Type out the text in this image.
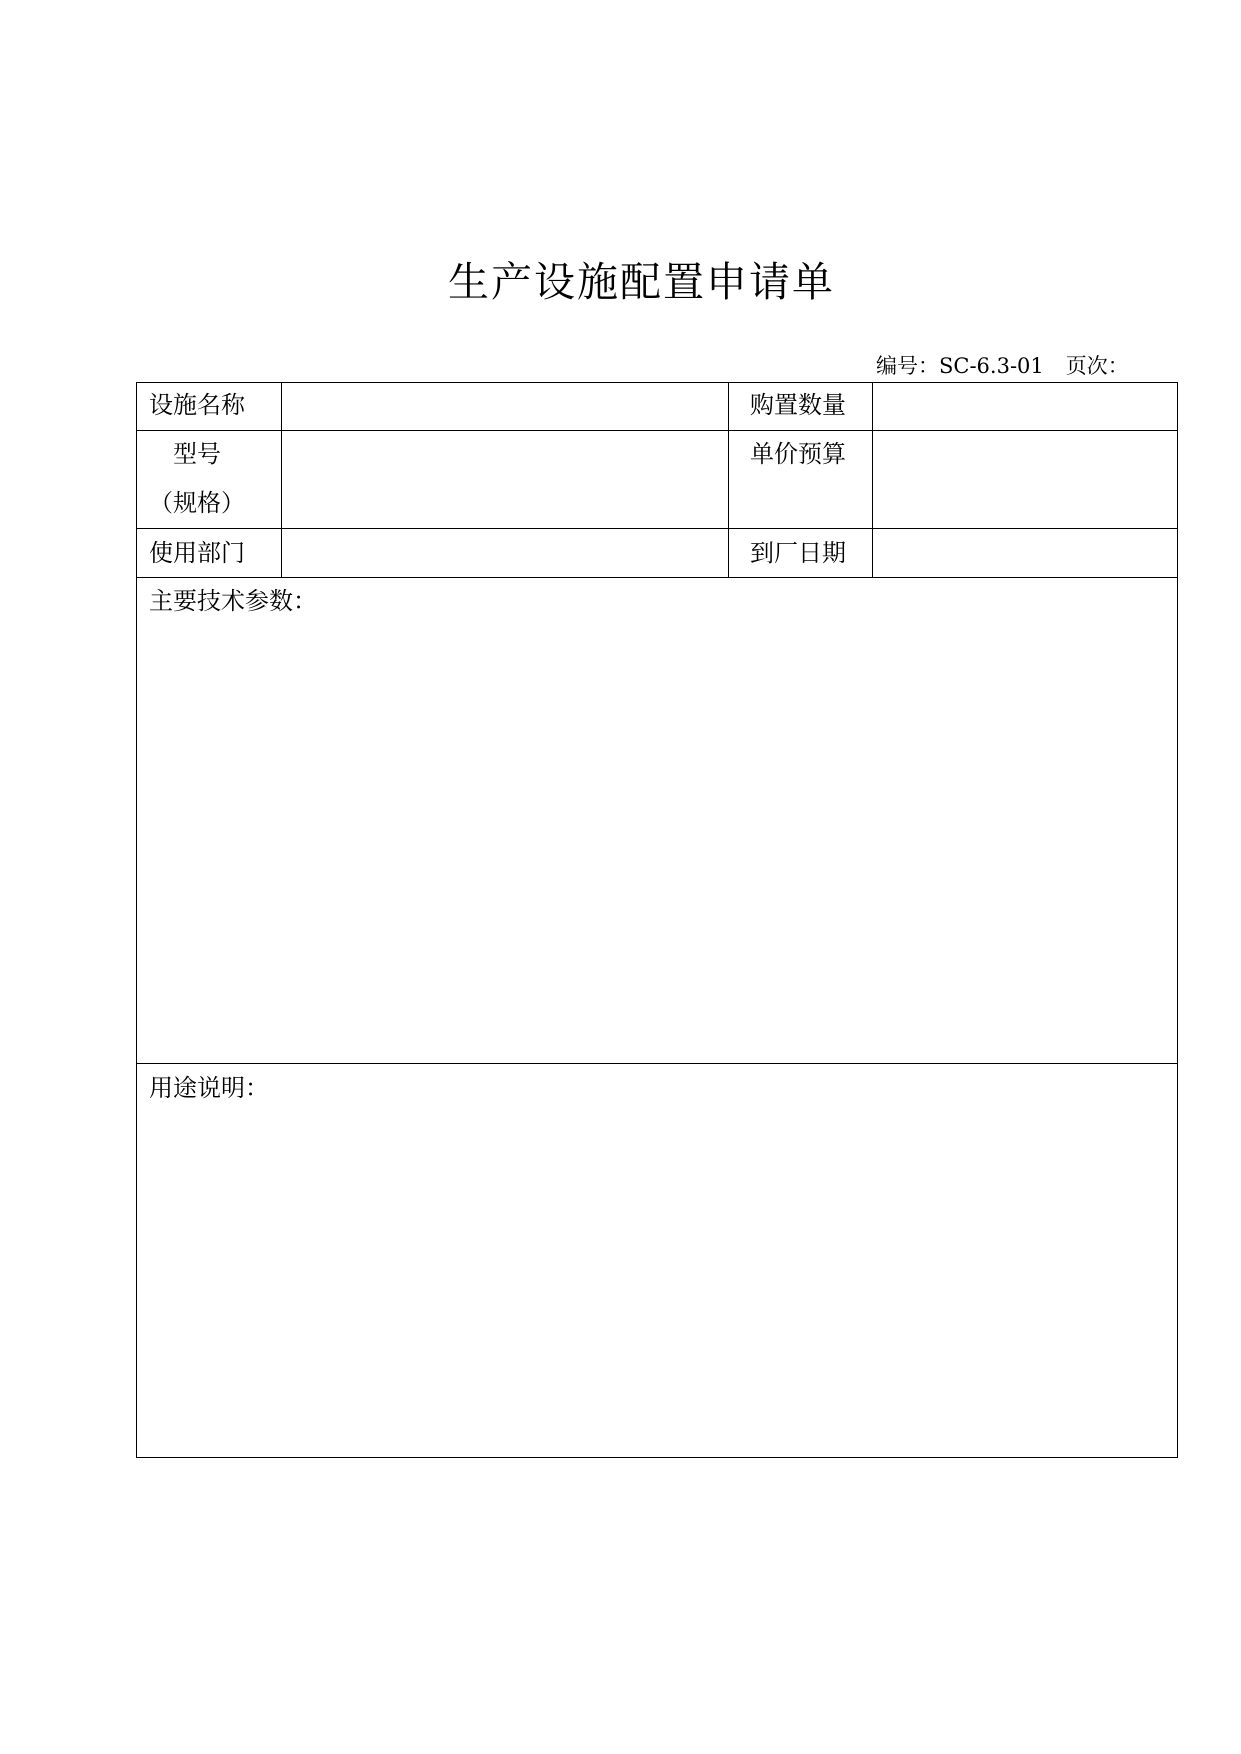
生产设施配置申请单
编号：SC-6.3-01 页次：
设施名称	购置数量
型号
（规格）
单价预算
使用部门	到厂日期
主要技术参数：
用途说明：
